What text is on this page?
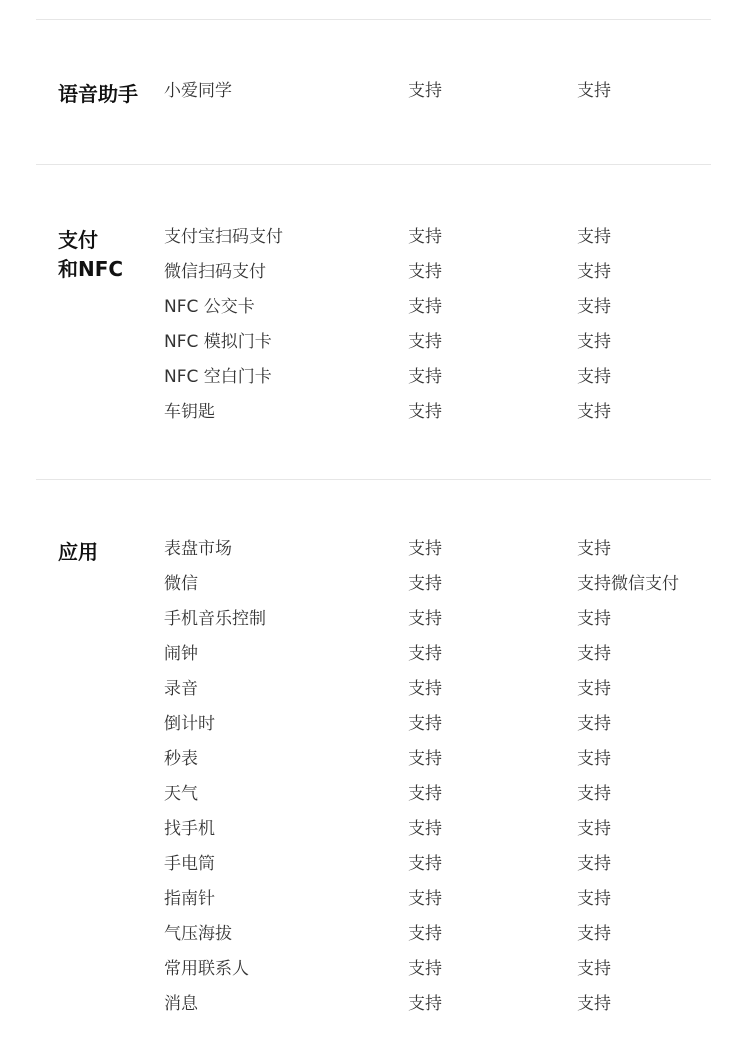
语音助手 小爱同学	支持	支持
支付
和NFC
支付宝扫码支付	支持	支持
微信扫码支付	支持	支持
NFC 公交卡	支持	支持
NFC 模拟门卡	支持	支持
NFC 空白门卡	支持	支持
车钥匙	支持	支持
应用	表盘市场	支持	支持
微信	支持	支持微信支付
手机音乐控制	支持	支持
闹钟	支持	支持
录音	支持	支持
倒计时	支持	支持
秒表	支持	支持
天气	支持	支持
找手机	支持	支持
手电筒	支持	支持
指南针	支持	支持
气压海拔	支持	支持
常用联系人	支持	支持
消息	支持	支持
